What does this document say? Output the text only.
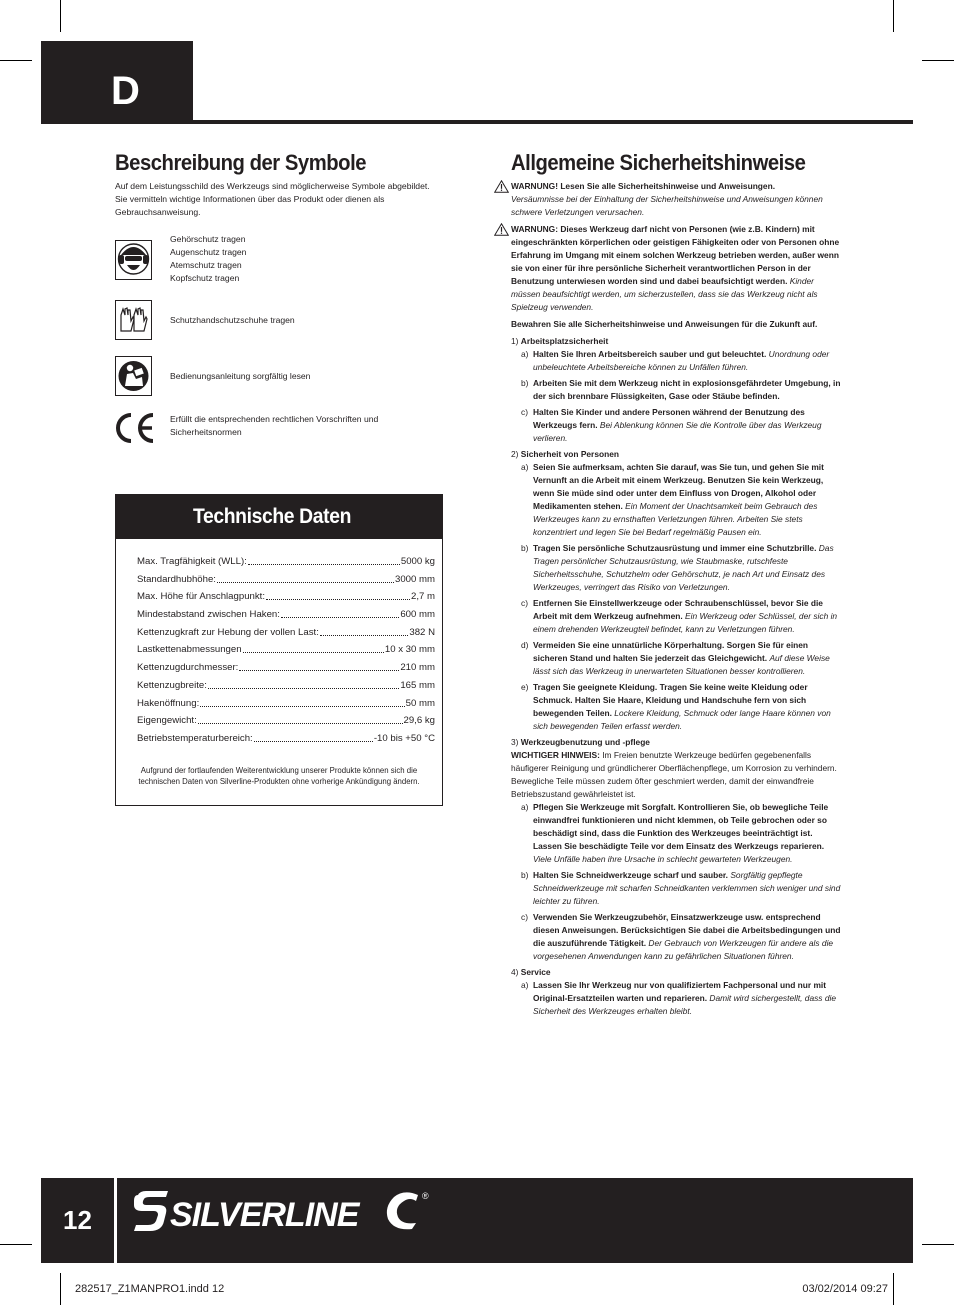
D
Beschreibung der Symbole
Auf dem Leistungsschild des Werkzeugs sind möglicherweise Symbole abgebildet.
Sie vermitteln wichtige Informationen über das Produkt oder dienen als
Gebrauchsanweisung.
Gehörschutz tragen
Augenschutz tragen
Atemschutz tragen
Kopfschutz tragen
Schutzhandschutzschuhe tragen
Bedienungsanleitung sorgfältig lesen
Erfüllt die entsprechenden rechtlichen Vorschriften und
Sicherheitsnormen
Technische Daten
Max. Tragfähigkeit (WLL):	5000 kg
Standardhubhöhe:	3000 mm
Max. Höhe für Anschlagpunkt:	2,7 m
Mindestabstand zwischen Haken:	600 mm
Kettenzugkraft zur Hebung der vollen Last:	382 N
Lastkettenabmessungen	10 x 30 mm
Kettenzugdurchmesser:	210 mm
Kettenzugbreite:	165 mm
Hakenöffnung:	50 mm
Eigengewicht:	29,6 kg
Betriebstemperaturbereich:	-10 bis +50 °C
Aufgrund der fortlaufenden Weiterentwicklung unserer Produkte können sich die
technischen Daten von Silverline-Produkten ohne vorherige Ankündigung ändern.
Allgemeine Sicherheitshinweise
WARNUNG! Lesen Sie alle Sicherheitshinweise und Anweisungen.
Versäumnisse bei der Einhaltung der Sicherheitshinweise und Anweisungen können schwere Verletzungen verursachen.
WARNUNG: Dieses Werkzeug darf nicht von Personen (wie z.B. Kindern) mit eingeschränkten körperlichen oder geistigen Fähigkeiten oder von Personen ohne Erfahrung im Umgang mit einem solchen Werkzeug betrieben werden, außer wenn sie von einer für ihre persönliche Sicherheit verantwortlichen Person in der Benutzung unterwiesen worden sind und dabei beaufsichtigt werden. Kinder müssen beaufsichtigt werden, um sicherzustellen, dass sie das Werkzeug nicht als Spielzeug verwenden.

Bewahren Sie alle Sicherheitshinweise und Anweisungen für die Zukunft auf.

1) Arbeitsplatzsicherheit

a) Halten Sie Ihren Arbeitsbereich sauber und gut beleuchtet. Unordnung oder unbeleuchtete Arbeitsbereiche können zu Unfällen führen.
b) Arbeiten Sie mit dem Werkzeug nicht in explosionsgefährdeter Umgebung, in der sich brennbare Flüssigkeiten, Gase oder Stäube befinden.
c) Halten Sie Kinder und andere Personen während der Benutzung des Werkzeugs fern. Bei Ablenkung können Sie die Kontrolle über das Werkzeug verlieren.

2) Sicherheit von Personen

a) Seien Sie aufmerksam, achten Sie darauf, was Sie tun, und gehen Sie mit Vernunft an die Arbeit mit einem Werkzeug. Benutzen Sie kein Werkzeug, wenn Sie müde sind oder unter dem Einfluss von Drogen, Alkohol oder Medikamenten stehen. Ein Moment der Unachtsamkeit beim Gebrauch des Werkzeuges kann zu ernsthaften Verletzungen führen. Arbeiten Sie stets konzentriert und legen Sie bei Bedarf regelmäßig Pausen ein.
b) Tragen Sie persönliche Schutzausrüstung und immer eine Schutzbrille. Das Tragen persönlicher Schutzausrüstung, wie Staubmaske, rutschfeste Sicherheitsschuhe, Schutzhelm oder Gehörschutz, je nach Art und Einsatz des Werkzeuges, verringert das Risiko von Verletzungen.
c) Entfernen Sie Einstellwerkzeuge oder Schraubenschlüssel, bevor Sie die Arbeit mit dem Werkzeug aufnehmen. Ein Werkzeug oder Schlüssel, der sich in einem drehenden Werkzeugteil befindet, kann zu Verletzungen führen.
d) Vermeiden Sie eine unnatürliche Körperhaltung. Sorgen Sie für einen sicheren Stand und halten Sie jederzeit das Gleichgewicht. Auf diese Weise lässt sich das Werkzeug in unerwarteten Situationen besser kontrollieren.
e) Tragen Sie geeignete Kleidung. Tragen Sie keine weite Kleidung oder Schmuck. Halten Sie Haare, Kleidung und Handschuhe fern von sich bewegenden Teilen. Lockere Kleidung, Schmuck oder lange Haare können von sich bewegenden Teilen erfasst werden.

3) Werkzeugbenutzung und -pflege

WICHTIGER HINWEIS: Im Freien benutzte Werkzeuge bedürfen gegebenenfalls häufigerer Reinigung und gründlicherer Oberflächenpflege, um Korrosion zu verhindern. Bewegliche Teile müssen zudem öfter geschmiert werden, damit der einwandfreie Betriebszustand gewährleistet ist.

a) Pflegen Sie Werkzeuge mit Sorgfalt. Kontrollieren Sie, ob bewegliche Teile einwandfrei funktionieren und nicht klemmen, ob Teile gebrochen oder so beschädigt sind, dass die Funktion des Werkzeuges beeinträchtigt ist. Lassen Sie beschädigte Teile vor dem Einsatz des Werkzeugs reparieren. Viele Unfälle haben ihre Ursache in schlecht gewarteten Werkzeugen.
b) Halten Sie Schneidwerkzeuge scharf und sauber. Sorgfältig gepflegte Schneidwerkzeuge mit scharfen Schneidkanten verklemmen sich weniger und sind leichter zu führen.
c) Verwenden Sie Werkzeugzubehör, Einsatzwerkzeuge usw. entsprechend diesen Anweisungen. Berücksichtigen Sie dabei die Arbeitsbedingungen und die auszuführende Tätigkeit. Der Gebrauch von Werkzeugen für andere als die vorgesehenen Anwendungen kann zu gefährlichen Situationen führen.

4) Service

a) Lassen Sie Ihr Werkzeug nur von qualifiziertem Fachpersonal und nur mit Original-Ersatzteilen warten und reparieren. Damit wird sichergestellt, dass die Sicherheit des Werkzeuges erhalten bleibt.
12	SILVERLINE	®
282517_Z1MANPRO1.indd 12	03/02/2014 09:27
